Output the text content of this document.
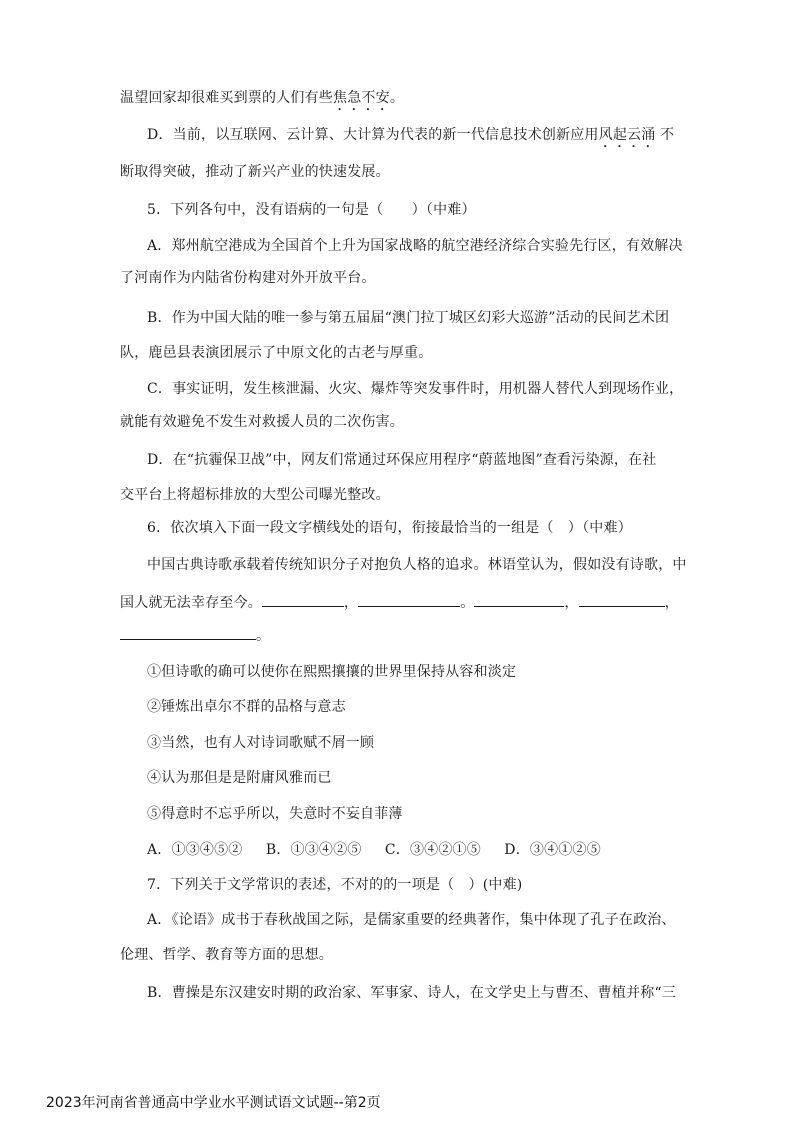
温望回家却很难买到票的人们有些焦急不安。
D．当前，以互联网、云计算、大计算为代表的新一代信息技术创新应用风起云涌 不
断取得突破，推动了新兴产业的快速发展。
5．下列各句中，没有语病的一句是（　　）（中难）
A．郑州航空港成为全国首个上升为国家战略的航空港经济综合实验先行区，有效解决
了河南作为内陆省份构建对外开放平台。
B．作为中国大陆的唯一参与第五届届“澳门拉丁城区幻彩大巡游”活动的民间艺术团
队，鹿邑县表演团展示了中原文化的古老与厚重。
C．事实证明，发生核泄漏、火灾、爆炸等突发事件时，用机器人替代人到现场作业，
就能有效避免不发生对救援人员的二次伤害。
D．在“抗霾保卫战”中，网友们常通过环保应用程序“蔚蓝地图”查看污染源，在社
交平台上将超标排放的大型公司曝光整改。
6．依次填入下面一段文字横线处的语句，衔接最恰当的一组是（　）（中难）
中国古典诗歌承载着传统知识分子对抱负人格的追求。林语堂认为，假如没有诗歌，中
国人就无法幸存至今。	，	。	，	，
。
①但诗歌的确可以使你在熙熙攘攘的世界里保持从容和淡定
②锤炼出卓尔不群的品格与意志
③当然，也有人对诗词歌赋不屑一顾
④认为那但是是附庸风雅而已
⑤得意时不忘乎所以，失意时不妄自菲薄
A．①③④⑤② B．①③④②⑤ C．③④②①⑤ D．③④①②⑤
7．下列关于文学常识的表述，不对的的一项是（　）(中难)
A．《论语》成书于春秋战国之际，是儒家重要的经典著作，集中体现了孔子在政治、
伦理、哲学、教育等方面的思想。
B．曹操是东汉建安时期的政治家、军事家、诗人，在文学史上与曹丕、曹植并称“三
2023年河南省普通高中学业水平测试语文试题--第2页
